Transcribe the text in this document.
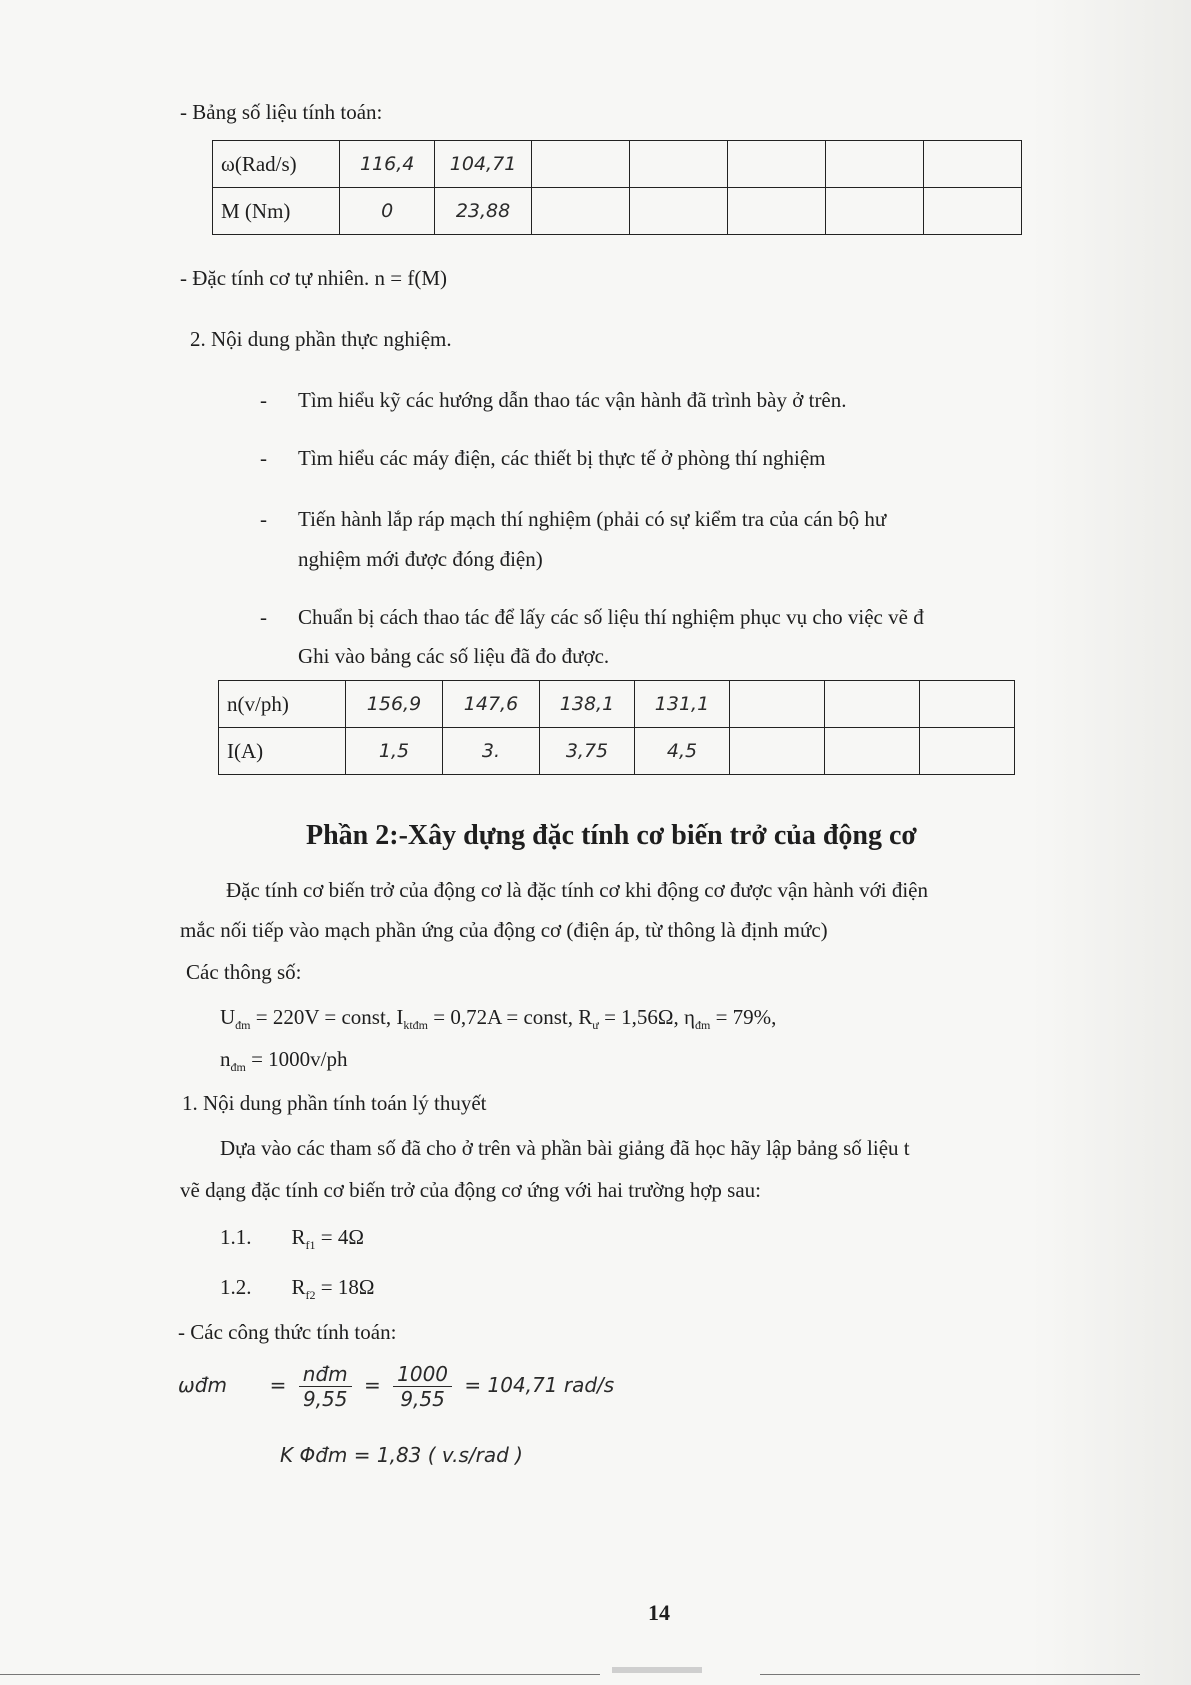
- Bảng số liệu tính toán:
ω(Rad/s)	116,4	104,71					
M (Nm)	0	23,88					
- Đặc tính cơ tự nhiên. n = f(M)
2. Nội dung phần thực nghiệm.
- Tìm hiểu kỹ các hướng dẫn thao tác vận hành đã trình bày ở trên.
- Tìm hiểu các máy điện, các thiết bị thực tế ở phòng thí nghiệm
- Tiến hành lắp ráp mạch thí nghiệm (phải có sự kiểm tra của cán bộ hư
nghiệm mới được đóng điện)
- Chuẩn bị cách thao tác để lấy các số liệu thí nghiệm phục vụ cho việc vẽ đ
Ghi vào bảng các số liệu đã đo được.
n(v/ph)	156,9	147,6	138,1	131,1			
I(A)	1,5	3.	3,75	4,5			
Phần 2:-Xây dựng đặc tính cơ biến trở của động cơ
Đặc tính cơ biến trở của động cơ là đặc tính cơ khi động cơ được vận hành với điện
mắc nối tiếp vào mạch phần ứng của động cơ (điện áp, từ thông là định mức)
Các thông số:
$U_{đm} = 220V$ = const, $I_{ktđm} = 0,72A$ = const, $R_ư = 1,56\Omega$, $\eta_{đm} = 79\%$,
$n_{đm} = 1000v/ph$
1. Nội dung phần tính toán lý thuyết
Dựa vào các tham số đã cho ở trên và phần bài giảng đã học hãy lập bảng số liệu t
vẽ dạng đặc tính cơ biến trở của động cơ ứng với hai trường hợp sau:
1.1. $R_{f1} = 4\Omega$
1.2. $R_{f2} = 18\Omega$
- Các công thức tính toán:
ωđm = $\frac{\text{nđm}}{9,55} = \frac{1000}{9,55} = 104,71$ rad/s
K Φđm = 1,83 ( v.s/rad )
14
